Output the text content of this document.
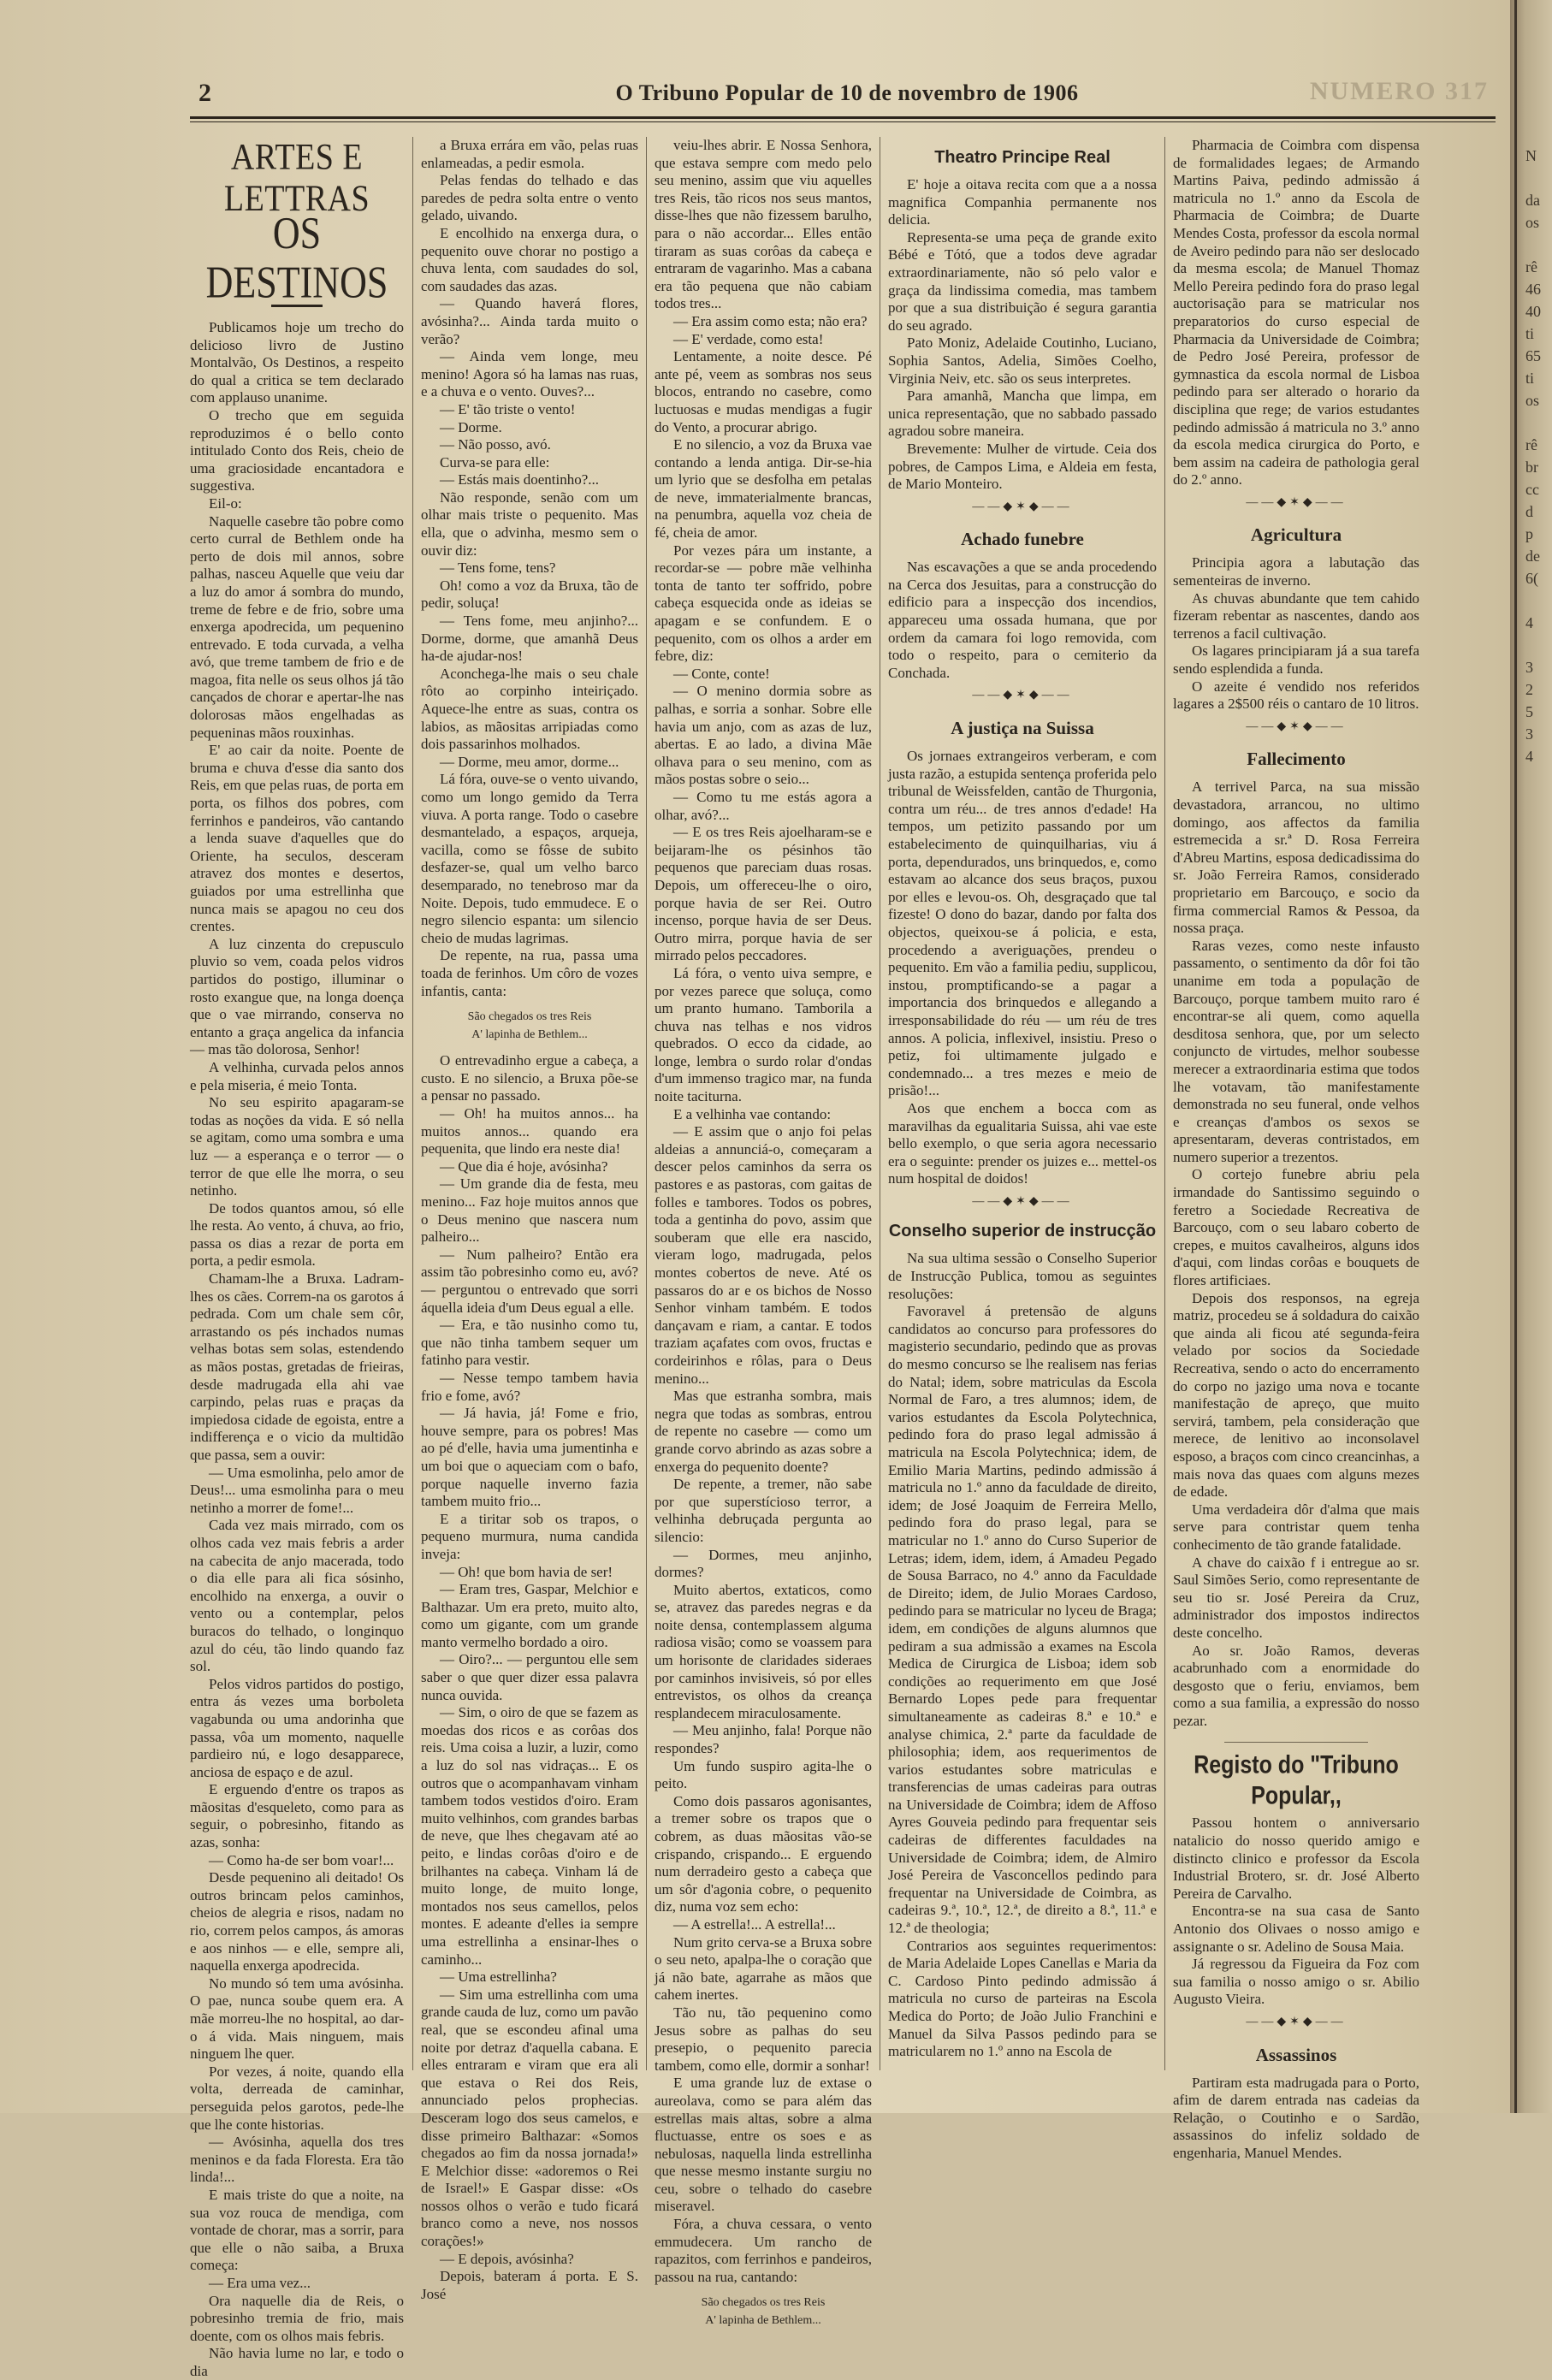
N
da
os
rê
46
40
ti
65
ti
os
rê
br
cc
d
p
de
6(
4
3
2
5
3
4
2	O Tribuno Popular de 10 de novembro de 1906	NUMERO 317
ARTES E LETTRAS
OS DESTINOS

Publicamos hoje um trecho do delicioso livro de Justino Montalvão, Os Destinos, a respeito do qual a critica se tem declarado com applauso unanime.

O trecho que em seguida reproduzimos é o bello conto intitulado Conto dos Reis, cheio de uma graciosidade encantadora e suggestiva.

Eil-o:

Naquelle casebre tão pobre como certo curral de Bethlem onde ha perto de dois mil annos, sobre palhas, nasceu Aquelle que veiu dar a luz do amor á sombra do mundo, treme de febre e de frio, sobre uma enxerga apodrecida, um pequenino entrevado. E toda curvada, a velha avó, que treme tambem de frio e de magoa, fita nelle os seus olhos já tão cançados de chorar e apertar-lhe nas dolorosas mãos engelhadas as pequeninas mãos rouxinhas.

E' ao cair da noite. Poente de bruma e chuva d'esse dia santo dos Reis, em que pelas ruas, de porta em porta, os filhos dos pobres, com ferrinhos e pandeiros, vão cantando a lenda suave d'aquelles que do Oriente, ha seculos, desceram atravez dos montes e desertos, guiados por uma estrellinha que nunca mais se apagou no ceu dos crentes.

A luz cinzenta do crepusculo pluvio so vem, coada pelos vidros partidos do postigo, illuminar o rosto exangue que, na longa doença que o vae mirrando, conserva no entanto a graça angelica da infancia — mas tão dolorosa, Senhor!

A velhinha, curvada pelos annos e pela miseria, é meio Tonta.

No seu espirito apagaram-se todas as noções da vida. E só nella se agitam, como uma sombra e uma luz — a esperança e o terror — o terror de que elle lhe morra, o seu netinho.

De todos quantos amou, só elle lhe resta. Ao vento, á chuva, ao frio, passa os dias a rezar de porta em porta, a pedir esmola.

Chamam-lhe a Bruxa. Ladram-lhes os cães. Correm-na os garotos á pedrada. Com um chale sem côr, arrastando os pés inchados numas velhas botas sem solas, estendendo as mãos postas, gretadas de frieiras, desde madrugada ella ahi vae carpindo, pelas ruas e praças da impiedosa cidade de egoista, entre a indifferença e o vicio da multidão que passa, sem a ouvir:

— Uma esmolinha, pelo amor de Deus!... uma esmolinha para o meu netinho a morrer de fome!...

Cada vez mais mirrado, com os olhos cada vez mais febris a arder na cabecita de anjo macerada, todo o dia elle para ali fica sósinho, encolhido na enxerga, a ouvir o vento ou a contemplar, pelos buracos do telhado, o longinquo azul do céu, tão lindo quando faz sol.

Pelos vidros partidos do postigo, entra ás vezes uma borboleta vagabunda ou uma andorinha que passa, vôa um momento, naquelle pardieiro nú, e logo desapparece, anciosa de espaço e de azul.

E erguendo d'entre os trapos as mãositas d'esqueleto, como para as seguir, o pobresinho, fitando as azas, sonha:

— Como ha-de ser bom voar!...

Desde pequenino ali deitado! Os outros brincam pelos caminhos, cheios de alegria e risos, nadam no rio, correm pelos campos, ás amoras e aos ninhos — e elle, sempre ali, naquella enxerga apodrecida.

No mundo só tem uma avósinha. O pae, nunca soube quem era. A mãe morreu-lhe no hospital, ao dar-o á vida. Mais ninguem, mais ninguem lhe quer.

Por vezes, á noite, quando ella volta, derreada de caminhar, perseguida pelos garotos, pede-lhe que lhe conte historias.

— Avósinha, aquella dos tres meninos e da fada Floresta. Era tão linda!...

E mais triste do que a noite, na sua voz rouca de mendiga, com vontade de chorar, mas a sorrir, para que elle o não saiba, a Bruxa começa:

— Era uma vez...

Ora naquelle dia de Reis, o pobresinho tremia de frio, mais doente, com os olhos mais febris.

Não havia lume no lar, e todo o dia

a Bruxa errára em vão, pelas ruas enlameadas, a pedir esmola.

Pelas fendas do telhado e das paredes de pedra solta entre o vento gelado, uivando.

E encolhido na enxerga dura, o pequenito ouve chorar no postigo a chuva lenta, com saudades do sol, com saudades das azas.

— Quando haverá flores, avósinha?... Ainda tarda muito o verão?

— Ainda vem longe, meu menino! Agora só ha lamas nas ruas, e a chuva e o vento. Ouves?...

— E' tão triste o vento!

— Dorme.

— Não posso, avó.

Curva-se para elle:

— Estás mais doentinho?...

Não responde, senão com um olhar mais triste o pequenito. Mas ella, que o advinha, mesmo sem o ouvir diz:

— Tens fome, tens?

Oh! como a voz da Bruxa, tão de pedir, soluça!

— Tens fome, meu anjinho?... Dorme, dorme, que amanhã Deus ha-de ajudar-nos!

Aconchega-lhe mais o seu chale rôto ao corpinho inteiriçado. Aquece-lhe entre as suas, contra os labios, as mãositas arripiadas como dois passarinhos molhados.

— Dorme, meu amor, dorme...

Lá fóra, ouve-se o vento uivando, como um longo gemido da Terra viuva. A porta range. Todo o casebre desmantelado, a espaços, arqueja, vacilla, como se fôsse de subito desfazer-se, qual um velho barco desemparado, no tenebroso mar da Noite. Depois, tudo emmudece. E o negro silencio espanta: um silencio cheio de mudas lagrimas.

De repente, na rua, passa uma toada de ferinhos. Um côro de vozes infantis, canta:

São chegados os tres Reis
A' lapinha de Bethlem...

O entrevadinho ergue a cabeça, a custo. E no silencio, a Bruxa põe-se a pensar no passado.

— Oh! ha muitos annos... ha muitos annos... quando era pequenita, que lindo era neste dia!

— Que dia é hoje, avósinha?

— Um grande dia de festa, meu menino... Faz hoje muitos annos que o Deus menino que nascera num palheiro...

— Num palheiro? Então era assim tão pobresinho como eu, avó? — perguntou o entrevado que sorri áquella ideia d'um Deus egual a elle.

— Era, e tão nusinho como tu, que não tinha tambem sequer um fatinho para vestir.

— Nesse tempo tambem havia frio e fome, avó?

— Já havia, já! Fome e frio, houve sempre, para os pobres! Mas ao pé d'elle, havia uma jumentinha e um boi que o aqueciam com o bafo, porque naquelle inverno fazia tambem muito frio...

E a tiritar sob os trapos, o pequeno murmura, numa candida inveja:

— Oh! que bom havia de ser!

— Eram tres, Gaspar, Melchior e Balthazar. Um era preto, muito alto, como um gigante, com um grande manto vermelho bordado a oiro.

— Oiro?... — perguntou elle sem saber o que quer dizer essa palavra nunca ouvida.

— Sim, o oiro de que se fazem as moedas dos ricos e as corôas dos reis. Uma coisa a luzir, a luzir, como a luz do sol nas vidraças... E os outros que o acompanhavam vinham tambem todos vestidos d'oiro. Eram muito velhinhos, com grandes barbas de neve, que lhes chegavam até ao peito, e lindas corôas d'oiro e de brilhantes na cabeça. Vinham lá de muito longe, de muito longe, montados nos seus camellos, pelos montes. E adeante d'elles ia sempre uma estrellinha a ensinar-lhes o caminho...

— Uma estrellinha?

— Sim uma estrellinha com uma grande cauda de luz, como um pavão real, que se escondeu afinal uma noite por detraz d'aquella cabana. E elles entraram e viram que era ali que estava o Rei dos Reis, annunciado pelos prophecias. Desceram logo dos seus camelos, e disse primeiro Balthazar: «Somos chegados ao fim da nossa jornada!» E Melchior disse: «adoremos o Rei de Israel!» E Gaspar disse: «Os nossos olhos o verão e tudo ficará branco como a neve, nos nossos corações!»

— E depois, avósinha?

Depois, bateram á porta. E S. José

veiu-lhes abrir. E Nossa Senhora, que estava sempre com medo pelo seu menino, assim que viu aquelles tres Reis, tão ricos nos seus mantos, disse-lhes que não fizessem barulho, para o não accordar... Elles então tiraram as suas corôas da cabeça e entraram de vagarinho. Mas a cabana era tão pequena que não cabiam todos tres...

— Era assim como esta; não era?

— E' verdade, como esta!

Lentamente, a noite desce. Pé ante pé, veem as sombras nos seus blocos, entrando no casebre, como luctuosas e mudas mendigas a fugir do Vento, a procurar abrigo.

E no silencio, a voz da Bruxa vae contando a lenda antiga. Dir-se-hia um lyrio que se desfolha em petalas de neve, immaterialmente brancas, na penumbra, aquella voz cheia de fé, cheia de amor.

Por vezes pára um instante, a recordar-se — pobre mãe velhinha tonta de tanto ter soffrido, pobre cabeça esquecida onde as ideias se apagam e se confundem. E o pequenito, com os olhos a arder em febre, diz:

— Conte, conte!

— O menino dormia sobre as palhas, e sorria a sonhar. Sobre elle havia um anjo, com as azas de luz, abertas. E ao lado, a divina Mãe olhava para o seu menino, com as mãos postas sobre o seio...

— Como tu me estás agora a olhar, avó?...

— E os tres Reis ajoelharam-se e beijaram-lhe os pésinhos tão pequenos que pareciam duas rosas. Depois, um offereceu-lhe o oiro, porque havia de ser Rei. Outro incenso, porque havia de ser Deus. Outro mirra, porque havia de ser mirrado pelos peccadores.

Lá fóra, o vento uiva sempre, e por vezes parece que soluça, como um pranto humano. Tamborila a chuva nas telhas e nos vidros quebrados. O ecco da cidade, ao longe, lembra o surdo rolar d'ondas d'um immenso tragico mar, na funda noite taciturna.

E a velhinha vae contando:

— E assim que o anjo foi pelas aldeias a annunciá-o, começaram a descer pelos caminhos da serra os pastores e as pastoras, com gaitas de folles e tambores. Todos os pobres, toda a gentinha do povo, assim que souberam que elle era nascido, vieram logo, madrugada, pelos montes cobertos de neve. Até os passaros do ar e os bichos de Nosso Senhor vinham também. E todos dançavam e riam, a cantar. E todos traziam açafates com ovos, fructas e cordeirinhos e rôlas, para o Deus menino...

Mas que estranha sombra, mais negra que todas as sombras, entrou de repente no casebre — como um grande corvo abrindo as azas sobre a enxerga do pequenito doente?

De repente, a tremer, não sabe por que superstícioso terror, a velhinha debruçada pergunta ao silencio:

— Dormes, meu anjinho, dormes?

Muito abertos, extaticos, como se, atravez das paredes negras e da noite densa, contemplassem alguma radiosa visão; como se voassem para um horisonte de claridades sideraes por caminhos invisiveis, só por elles entrevistos, os olhos da creança resplandecem miraculosamente.

— Meu anjinho, fala! Porque não respondes?

Um fundo suspiro agita-lhe o peito.

Como dois passaros agonisantes, a tremer sobre os trapos que o cobrem, as duas mãositas vão-se crispando, crispando... E erguendo num derradeiro gesto a cabeça que um sôr d'agonia cobre, o pequenito diz, numa voz sem echo:

— A estrella!... A estrella!...

Num grito cerva-se a Bruxa sobre o seu neto, apalpa-lhe o coração que já não bate, agarrahe as mãos que cahem inertes.

Tão nu, tão pequenino como Jesus sobre as palhas do seu presepio, o pequenito parecia tambem, como elle, dormir a sonhar!

E uma grande luz de extase o aureolava, como se para além das estrellas mais altas, sobre a alma fluctuasse, entre os soes e as nebulosas, naquella linda estrellinha que nesse mesmo instante surgiu no ceu, sobre o telhado do casebre miseravel.

Fóra, a chuva cessara, o vento emmudecera. Um rancho de rapazitos, com ferrinhos e pandeiros, passou na rua, cantando:

São chegados os tres Reis
A' lapinha de Bethlem...

Theatro Principe Real

E' hoje a oitava recita com que a a nossa magnifica Companhia permanente nos delicia.

Representa-se uma peça de grande exito Bébé e Tótó, que a todos deve agradar extraordinariamente, não só pelo valor e graça da lindissima comedia, mas tambem por que a sua distribuição é segura garantia do seu agrado.

Pato Moniz, Adelaide Coutinho, Luciano, Sophia Santos, Adelia, Simões Coelho, Virginia Neiv, etc. são os seus interpretes.

Para amanhã, Mancha que limpa, em unica representação, que no sabbado passado agradou sobre maneira.

Brevemente: Mulher de virtude. Ceia dos pobres, de Campos Lima, e Aldeia em festa, de Mario Monteiro.

——◆✶◆——
Achado funebre

Nas escavações a que se anda procedendo na Cerca dos Jesuitas, para a construcção do edificio para a inspecção dos incendios, appareceu uma ossada humana, que por ordem da camara foi logo removida, com todo o respeito, para o cemiterio da Conchada.

——◆✶◆——
A justiça na Suissa

Os jornaes extrangeiros verberam, e com justa razão, a estupida sentença proferida pelo tribunal de Weissfelden, cantão de Thurgonia, contra um réu... de tres annos d'edade! Ha tempos, um petizito passando por um estabelecimento de quinquilharias, viu á porta, dependurados, uns brinquedos, e, como estavam ao alcance dos seus braços, puxou por elles e levou-os. Oh, desgraçado que tal fizeste! O dono do bazar, dando por falta dos objectos, queixou-se á policia, e esta, procedendo a averiguações, prendeu o pequenito. Em vão a familia pediu, supplicou, instou, promptificando-se a pagar a importancia dos brinquedos e allegando a irresponsabilidade do réu — um réu de tres annos. A policia, inflexivel, insistiu. Preso o petiz, foi ultimamente julgado e condemnado... a tres mezes e meio de prisão!...

Aos que enchem a bocca com as maravilhas da egualitaria Suissa, ahi vae este bello exemplo, o que seria agora necessario era o seguinte: prender os juizes e... mettel-os num hospital de doidos!

——◆✶◆——
Conselho superior de instrucção

Na sua ultima sessão o Conselho Superior de Instrucção Publica, tomou as seguintes resoluções:

Favoravel á pretensão de alguns candidatos ao concurso para professores do magisterio secundario, pedindo que as provas do mesmo concurso se lhe realisem nas ferias do Natal; idem, sobre matriculas da Escola Normal de Faro, a tres alumnos; idem, de varios estudantes da Escola Polytechnica, pedindo fora do praso legal admissão á matricula na Escola Polytechnica; idem, de Emilio Maria Martins, pedindo admissão á matricula no 1.º anno da faculdade de direito, idem; de José Joaquim de Ferreira Mello, pedindo fora do praso legal, para se matricular no 1.º anno do Curso Superior de Letras; idem, idem, idem, á Amadeu Pegado de Sousa Barraco, no 4.º anno da Faculdade de Direito; idem, de Julio Moraes Cardoso, pedindo para se matricular no lyceu de Braga; idem, em condições de alguns alumnos que pediram a sua admissão a exames na Escola Medica de Cirurgica de Lisboa; idem sob condições ao requerimento em que José Bernardo Lopes pede para frequentar simultaneamente as cadeiras 8.ª e 10.ª e analyse chimica, 2.ª parte da faculdade de philosophia; idem, aos requerimentos de varios estudantes sobre matriculas e transferencias de umas cadeiras para outras na Universidade de Coimbra; idem de Affoso Ayres Gouveia pedindo para frequentar seis cadeiras de differentes faculdades na Universidade de Coimbra; idem, de Almiro José Pereira de Vasconcellos pedindo para frequentar na Universidade de Coimbra, as cadeiras 9.ª, 10.ª, 12.ª, de direito a 8.ª, 11.ª e 12.ª de theologia;

Contrarios aos seguintes requerimentos: de Maria Adelaide Lopes Canellas e Maria da C. Cardoso Pinto pedindo admissão á matricula no curso de parteiras na Escola Medica do Porto; de João Julio Franchini e Manuel da Silva Passos pedindo para se matricularem no 1.º anno na Escola de

Pharmacia de Coimbra com dispensa de formalidades legaes; de Armando Martins Paiva, pedindo admissão á matricula no 1.º anno da Escola de Pharmacia de Coimbra; de Duarte Mendes Costa, professor da escola normal de Aveiro pedindo para não ser deslocado da mesma escola; de Manuel Thomaz Mello Pereira pedindo fora do praso legal auctorisação para se matricular nos preparatorios do curso especial de Pharmacia da Universidade de Coimbra; de Pedro José Pereira, professor de gymnastica da escola normal de Lisboa pedindo para ser alterado o horario da disciplina que rege; de varios estudantes pedindo admissão á matricula no 3.º anno da escola medica cirurgica do Porto, e bem assim na cadeira de pathologia geral do 2.º anno.

——◆✶◆——
Agricultura

Principia agora a labutação das sementeiras de inverno.

As chuvas abundante que tem cahido fizeram rebentar as nascentes, dando aos terrenos a facil cultivação.

Os lagares principiaram já a sua tarefa sendo esplendida a funda.

O azeite é vendido nos referidos lagares a 2$500 réis o cantaro de 10 litros.

——◆✶◆——
Fallecimento

A terrivel Parca, na sua missão devastadora, arrancou, no ultimo domingo, aos affectos da familia estremecida a sr.ª D. Rosa Ferreira d'Abreu Martins, esposa dedicadissima do sr. João Ferreira Ramos, considerado proprietario em Barcouço, e socio da firma commercial Ramos & Pessoa, da nossa praça.

Raras vezes, como neste infausto passamento, o sentimento da dôr foi tão unanime em toda a população de Barcouço, porque tambem muito raro é encontrar-se ali quem, como aquella desditosa senhora, que, por um selecto conjuncto de virtudes, melhor soubesse merecer a extraordinaria estima que todos lhe votavam, tão manifestamente demonstrada no seu funeral, onde velhos e creanças d'ambos os sexos se apresentaram, deveras contristados, em numero superior a trezentos.

O cortejo funebre abriu pela irmandade do Santissimo seguindo o feretro a Sociedade Recreativa de Barcouço, com o seu labaro coberto de crepes, e muitos cavalheiros, alguns idos d'aqui, com lindas corôas e bouquets de flores artificiaes.

Depois dos responsos, na egreja matriz, procedeu se á soldadura do caixão que ainda ali ficou até segunda-feira velado por socios da Sociedade Recreativa, sendo o acto do encerramento do corpo no jazigo uma nova e tocante manifestação de apreço, que muito servirá, tambem, pela consideração que merece, de lenitivo ao inconsolavel esposo, a braços com cinco creancinhas, a mais nova das quaes com alguns mezes de edade.

Uma verdadeira dôr d'alma que mais serve para contristar quem tenha conhecimento de tão grande fatalidade.

A chave do caixão f i entregue ao sr. Saul Simões Serio, como representante de seu tio sr. José Pereira da Cruz, administrador dos impostos indirectos deste concelho.

Ao sr. João Ramos, deveras acabrunhado com a enormidade do desgosto que o feriu, enviamos, bem como a sua familia, a expressão do nosso pezar.

Registo do "Tribuno Popular,,

Passou hontem o anniversario natalicio do nosso querido amigo e distincto clinico e professor da Escola Industrial Brotero, sr. dr. José Alberto Pereira de Carvalho.

Encontra-se na sua casa de Santo Antonio dos Olivaes o nosso amigo e assignante o sr. Adelino de Sousa Maia.

Já regressou da Figueira da Foz com sua familia o nosso amigo o sr. Abilio Augusto Vieira.

——◆✶◆——
Assassinos

Partiram esta madrugada para o Porto, afim de darem entrada nas cadeias da Relação, o Coutinho e o Sardão, assassinos do infeliz soldado de engenharia, Manuel Mendes.
